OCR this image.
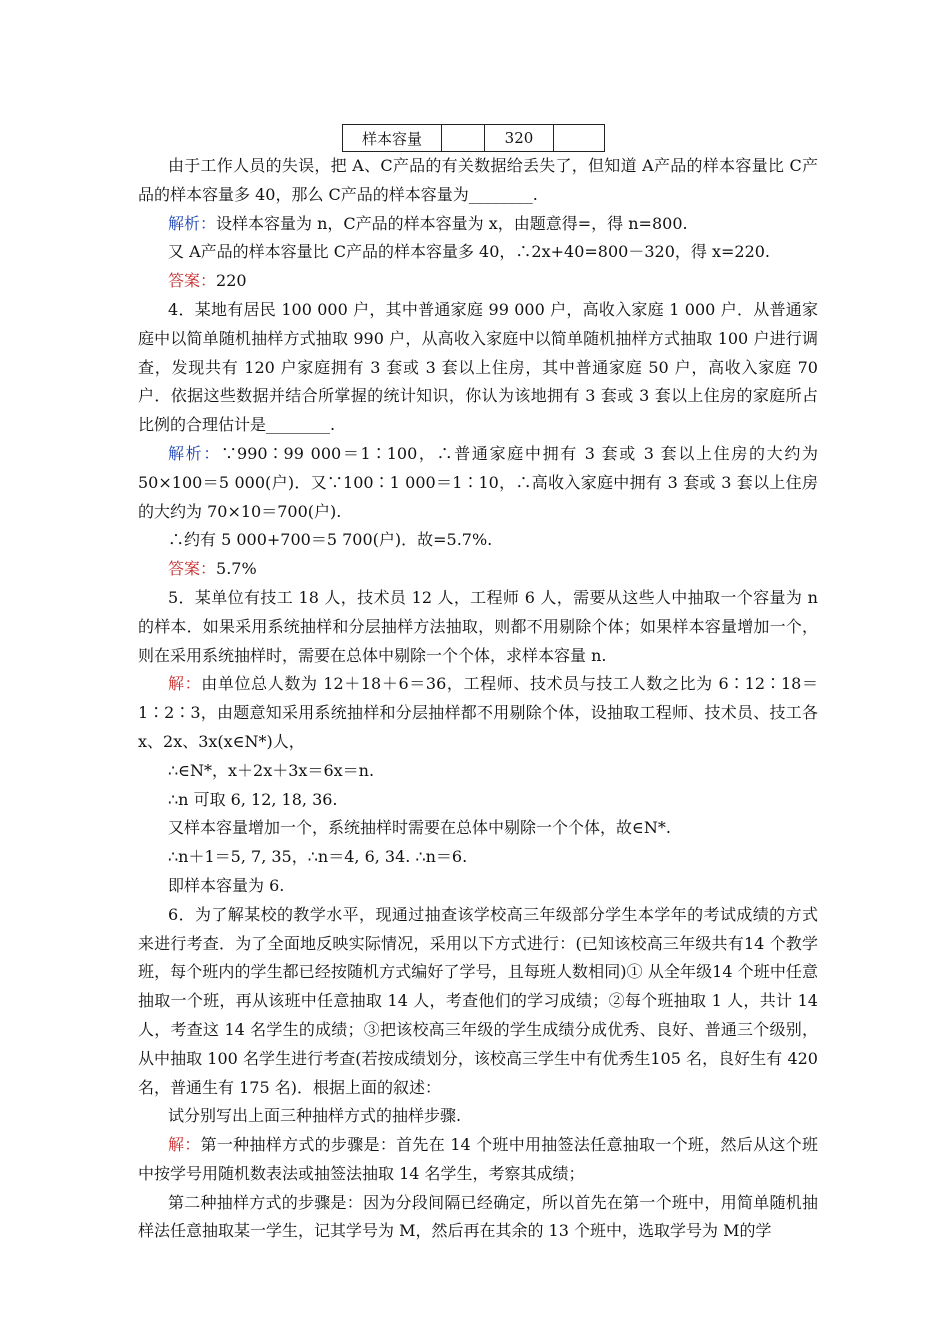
样本容量		320	
由于工作人员的失误，把 A、C产品的有关数据给丢失了，但知道 A产品的样本容量比 C产品的样本容量多 40，那么 C产品的样本容量为________.
解析：设样本容量为 n，C产品的样本容量为 x，由题意得=，得 n=800.
又 A产品的样本容量比 C产品的样本容量多 40，∴2x+40=800－320，得 x=220.
答案：220
4．某地有居民 100 000 户，其中普通家庭 99 000 户，高收入家庭 1 000 户．从普通家庭中以简单随机抽样方式抽取 990 户，从高收入家庭中以简单随机抽样方式抽取 100 户进行调查，发现共有 120 户家庭拥有 3 套或 3 套以上住房，其中普通家庭 50 户，高收入家庭 70户．依据这些数据并结合所掌握的统计知识，你认为该地拥有 3 套或 3 套以上住房的家庭所占比例的合理估计是________.
解析：∵990∶99 000＝1∶100，∴普通家庭中拥有 3 套或 3 套以上住房的大约为50×100＝5 000(户)．又∵100∶1 000＝1∶10，∴高收入家庭中拥有 3 套或 3 套以上住房的大约为 70×10＝700(户).
∴约有 5 000+700＝5 700(户)．故=5.7%.
答案：5.7%
5．某单位有技工 18 人，技术员 12 人，工程师 6 人，需要从这些人中抽取一个容量为 n的样本．如果采用系统抽样和分层抽样方法抽取，则都不用剔除个体；如果样本容量增加一个，则在采用系统抽样时，需要在总体中剔除一个个体，求样本容量 n.
解：由单位总人数为 12＋18＋6＝36，工程师、技术员与技工人数之比为 6∶12∶18＝1∶2∶3，由题意知采用系统抽样和分层抽样都不用剔除个体，设抽取工程师、技术员、技工各 x、2x、3x(x∈N*)人，
∴∈N*，x＋2x＋3x＝6x＝n.
∴n 可取 6, 12, 18, 36.
又样本容量增加一个，系统抽样时需要在总体中剔除一个个体，故∈N*.
∴n＋1＝5, 7, 35，∴n＝4, 6, 34. ∴n＝6.
即样本容量为 6.
6．为了解某校的教学水平，现通过抽查该学校高三年级部分学生本学年的考试成绩的方式来进行考查．为了全面地反映实际情况，采用以下方式进行：(已知该校高三年级共有14 个教学班，每个班内的学生都已经按随机方式编好了学号，且每班人数相同)① 从全年级14 个班中任意抽取一个班，再从该班中任意抽取 14 人，考查他们的学习成绩；②每个班抽取 1 人，共计 14 人，考查这 14 名学生的成绩；③把该校高三年级的学生成绩分成优秀、良好、普通三个级别，从中抽取 100 名学生进行考查(若按成绩划分，该校高三学生中有优秀生105 名，良好生有 420 名，普通生有 175 名)．根据上面的叙述：
试分别写出上面三种抽样方式的抽样步骤.
解：第一种抽样方式的步骤是：首先在 14 个班中用抽签法任意抽取一个班，然后从这个班中按学号用随机数表法或抽签法抽取 14 名学生，考察其成绩；
第二种抽样方式的步骤是：因为分段间隔已经确定，所以首先在第一个班中，用简单随机抽样法任意抽取某一学生，记其学号为 M，然后再在其余的 13 个班中，选取学号为 M的学
